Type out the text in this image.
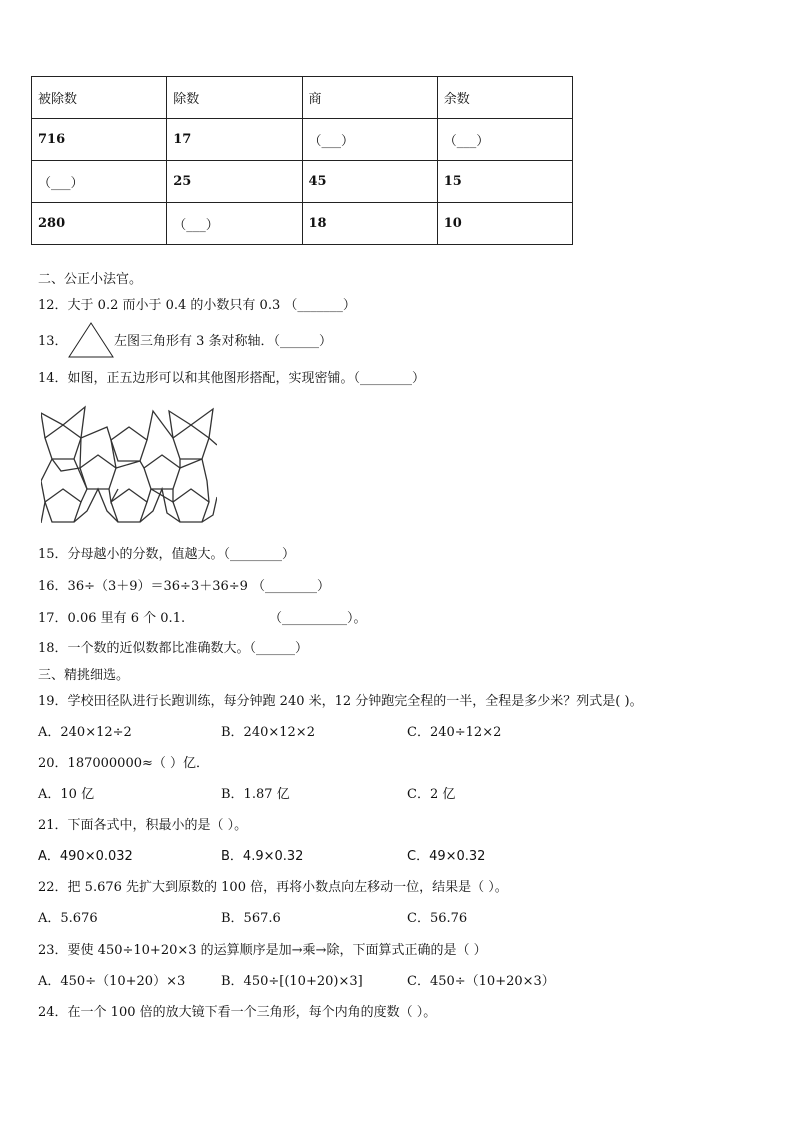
被除数	除数	商	余数
716	17	（___）	（___）
（___）	25	45	15
280	（___）	18	10
二、公正小法官。
12．大于 0.2 而小于 0.4 的小数只有 0.3 （_______）
13．	左图三角形有 3 条对称轴．（______）
14．如图，正五边形可以和其他图形搭配，实现密铺。（________）
15．分母越小的分数，值越大。（________）
16．36÷（3＋9）＝36÷3＋36÷9 （________）
17．0.06 里有 6 个 0.1.	（__________）。
18．一个数的近似数都比准确数大。（______）
三、精挑细选。
19．学校田径队进行长跑训练，每分钟跑 240 米，12 分钟跑完全程的一半，全程是多少米？列式是( )。
A．240×12÷2	B．240×12×2	C．240÷12×2
20．187000000≈（ ）亿．
A．10 亿	B．1.87 亿	C．2 亿
21．下面各式中，积最小的是（ ）。
A．490×0.032	B．4.9×0.32	C．49×0.32
22．把 5.676 先扩大到原数的 100 倍，再将小数点向左移动一位，结果是（ ）。
A．5.676	B．567.6	C．56.76
23．要使 450÷10+20×3 的运算顺序是加→乘→除，下面算式正确的是（ ）
A．450÷（10+20）×3	B．450÷[(10+20)×3]	C．450÷（10+20×3）
24．在一个 100 倍的放大镜下看一个三角形，每个内角的度数（ ）。
